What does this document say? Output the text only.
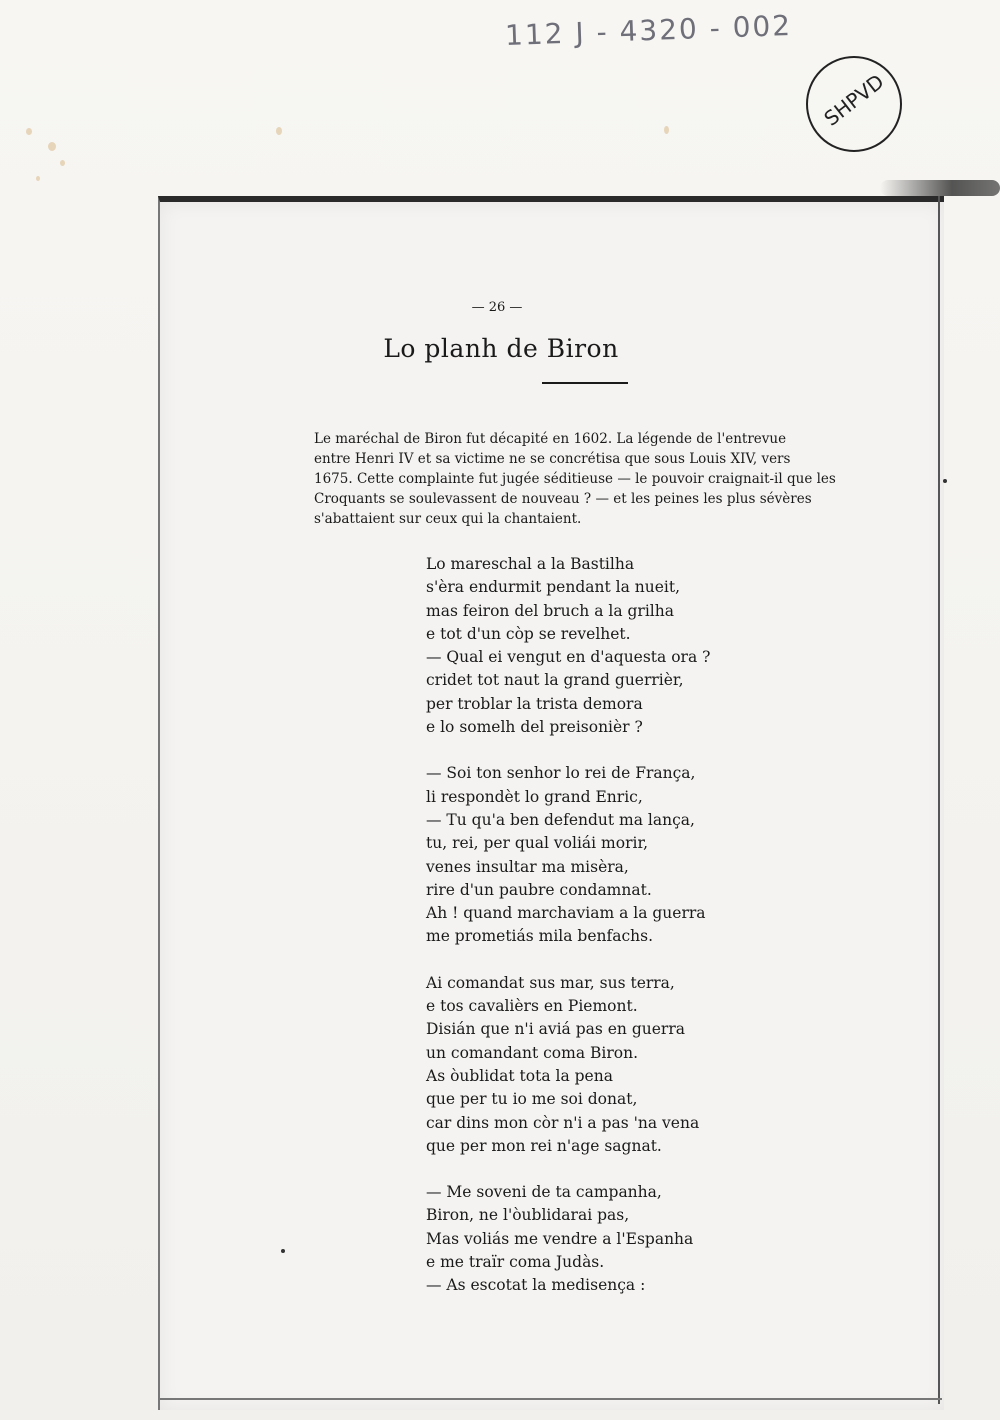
112 J - 4320 - 002
SHPVD
— 26 —
Lo planh de Biron
Le maréchal de Biron fut décapité en 1602. La légende de l'entrevue
entre Henri IV et sa victime ne se concrétisa que sous Louis XIV, vers
1675. Cette complainte fut jugée séditieuse — le pouvoir craignait-il que les
Croquants se soulevassent de nouveau ? — et les peines les plus sévères
s'abattaient sur ceux qui la chantaient.
Lo mareschal a la Bastilha
s'èra endurmit pendant la nueit,
mas feiron del bruch a la grilha
e tot d'un còp se revelhet.
— Qual ei vengut en d'aquesta ora ?
cridet tot naut la grand guerrièr,
per troblar la trista demora
e lo somelh del preisonièr ?
— Soi ton senhor lo rei de França,
li respondèt lo grand Enric,
— Tu qu'a ben defendut ma lança,
tu, rei, per qual voliái morir,
venes insultar ma misèra,
rire d'un paubre condamnat.
Ah ! quand marchaviam a la guerra
me prometiás mila benfachs.
Ai comandat sus mar, sus terra,
e tos cavalièrs en Piemont.
Disián que n'i aviá pas en guerra
un comandant coma Biron.
As òublidat tota la pena
que per tu io me soi donat,
car dins mon còr n'i a pas 'na vena
que per mon rei n'age sagnat.
— Me soveni de ta campanha,
Biron, ne l'òublidarai pas,
Mas voliás me vendre a l'Espanha
e me traïr coma Judàs.
— As escotat la medisença :
